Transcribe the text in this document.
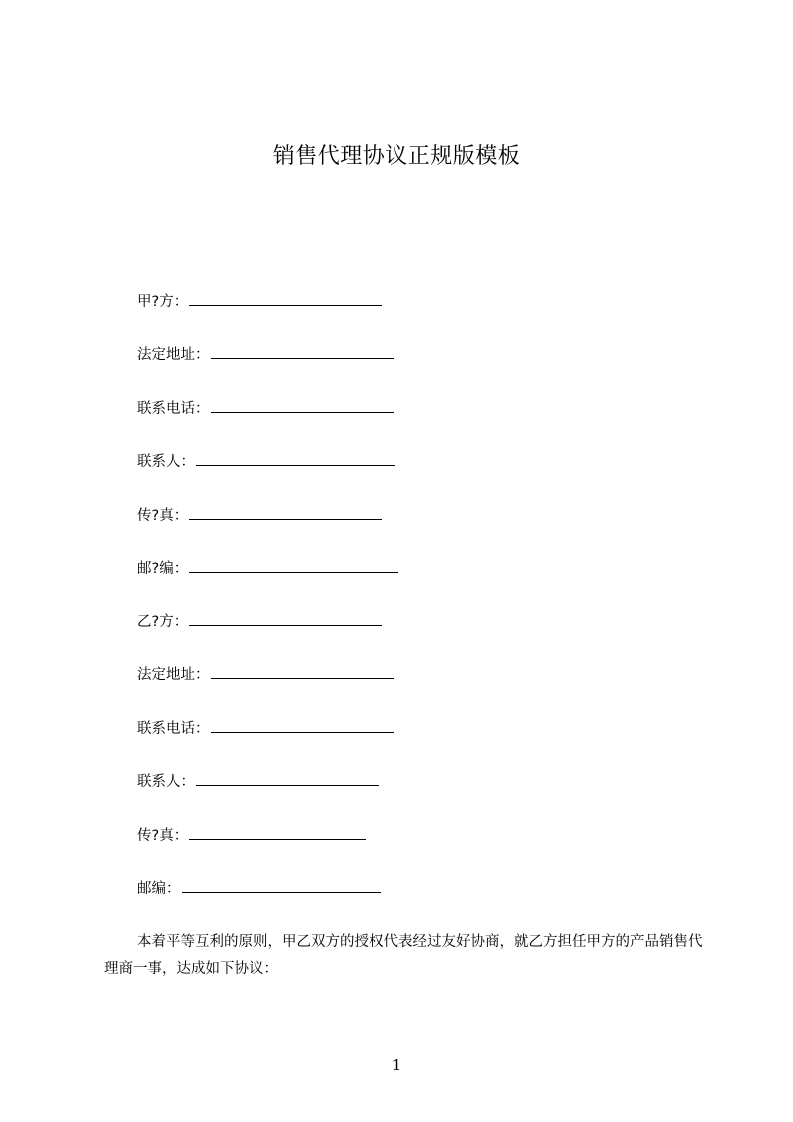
销售代理协议正规版模板
甲?方：
法定地址：
联系电话：
联系人：
传?真：
邮?编：
乙?方：
法定地址：
联系电话：
联系人：
传?真：
邮编：
本着平等互利的原则，甲乙双方的授权代表经过友好协商，就乙方担任甲方的产品销售代理商一事，达成如下协议：
1
